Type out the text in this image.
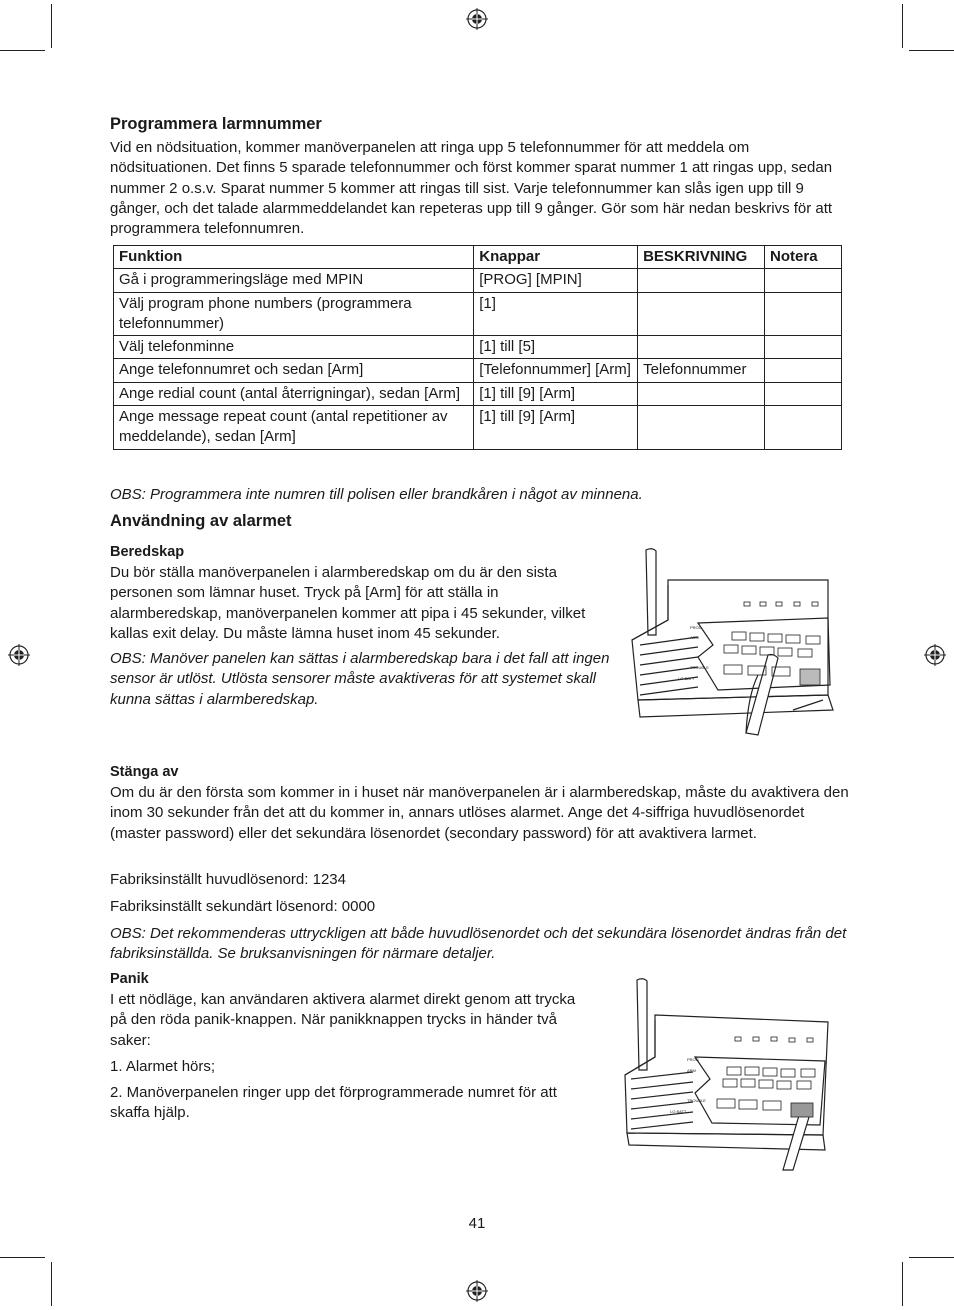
Programmera larmnummer

Vid en nödsituation, kommer manöverpanelen att ringa upp 5 telefonnummer för att meddela om nödsituationen. Det finns 5 sparade telefonnummer och först kommer sparat nummer 1 att ringas upp, sedan nummer 2 o.s.v. Sparat nummer 5 kommer att ringas till sist. Varje telefonnummer kan slås igen upp till 9 gånger, och det talade alarmmeddelandet kan repeteras upp till 9 gånger. Gör som här nedan beskrivs för att programmera telefonnumren.

Funktion	Knappar	BESKRIVNING	Notera
Gå i programmeringsläge med MPIN	[PROG] [MPIN]		
Välj program phone numbers (programmera telefonnummer)	[1]		
Välj telefonminne	[1] till [5]		
Ange telefonnumret och sedan [Arm]	[Telefonnummer] [Arm]	Telefonnummer	
Ange redial count (antal återrigningar), sedan [Arm]	[1] till [9] [Arm]		
Ange message repeat count (antal repetitioner av meddelande), sedan [Arm]	[1] till [9] [Arm]		

OBS: Programmera inte numren till polisen eller brandkåren i något av minnena.

Användning av alarmet
Beredskap

Du bör ställa manöverpanelen i alarmberedskap om du är den sista personen som lämnar huset. Tryck på [Arm] för att ställa in alarmberedskap, manöverpanelen kommer att pipa i 45 sekunder, vilket kallas exit delay. Du måste lämna huset inom 45 sekunder.

OBS: Manöver panelen kan sättas i alarmberedskap bara i det fall att ingen sensor är utlöst. Utlösta sensorer måste avaktiveras för att systemet skall kunna sättas i alarmberedskap.

PROG
ARM
TROUBLE
LO BATT
Stänga av

Om du är den första som kommer in i huset när manöverpanelen är i alarmberedskap, måste du avaktivera den inom 30 sekunder från det att du kommer in, annars utlöses alarmet. Ange det 4-siffriga huvudlösenordet (master password) eller det sekundära lösenordet (secondary password) för att avaktivera larmet.

Fabriksinställt huvudlösenord: 1234

Fabriksinställt sekundärt lösenord: 0000

OBS: Det rekommenderas uttryckligen att både huvudlösenordet och det sekundära lösenordet ändras från det fabriksinställda. Se bruksanvisningen för närmare detaljer.

Panik

I ett nödläge, kan användaren aktivera alarmet direkt genom att trycka på den röda panik-knappen. När panikknappen trycks in händer två saker:

1. Alarmet hörs;

2. Manöverpanelen ringer upp det förprogrammerade numret för att skaffa hjälp.

PROG
ARM
TROUBLE
LO BATT
41
